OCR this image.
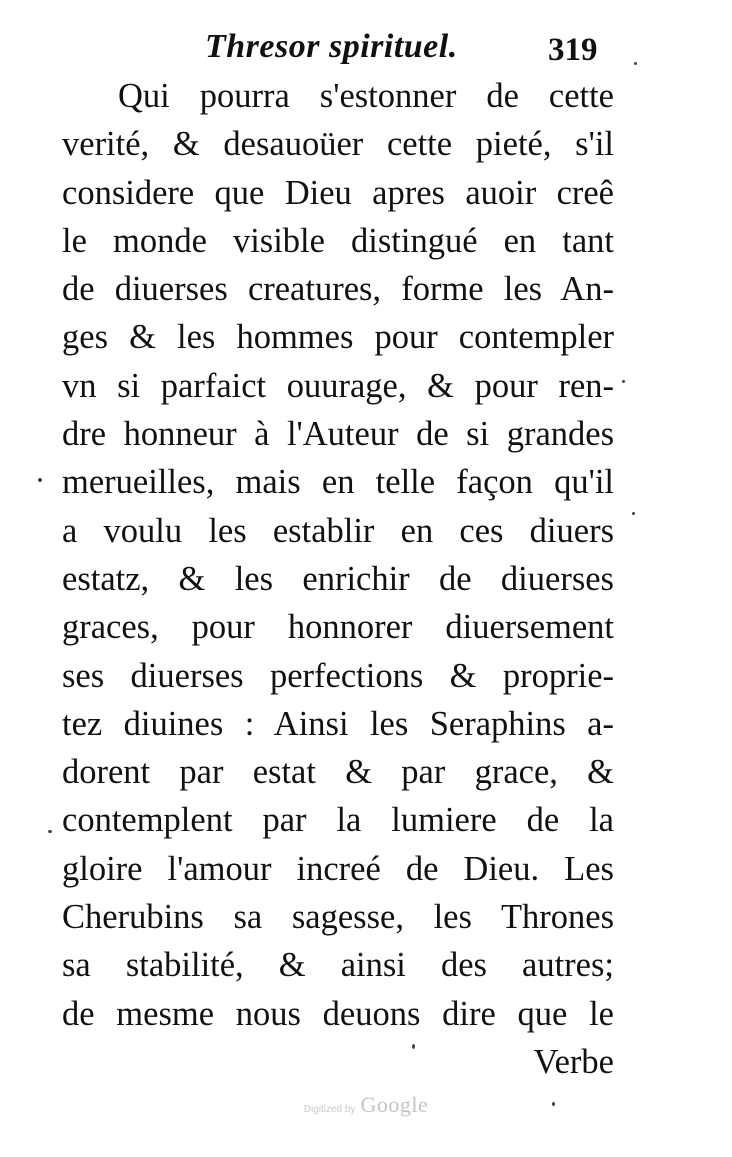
Thresor spirituel.	319
Qui pourra s'estonner de cette
verité, & desauoüer cette pieté, s'il
considere que Dieu apres auoir creê
le monde visible distingué en tant
de diuerses creatures, forme les An-
ges & les hommes pour contempler
vn si parfaict ouurage, & pour ren-
dre honneur à l'Auteur de si grandes
merueilles, mais en telle façon qu'il
a voulu les establir en ces diuers
estatz, & les enrichir de diuerses
graces, pour honnorer diuersement
ses diuerses perfections & proprie-
tez diuines : Ainsi les Seraphins a-
dorent par estat & par grace, &
contemplent par la lumiere de la
gloire l'amour increé de Dieu. Les
Cherubins sa sagesse, les Thrones
sa stabilité, & ainsi des autres;
de mesme nous deuons dire que le
Verbe
Digitized by Google
